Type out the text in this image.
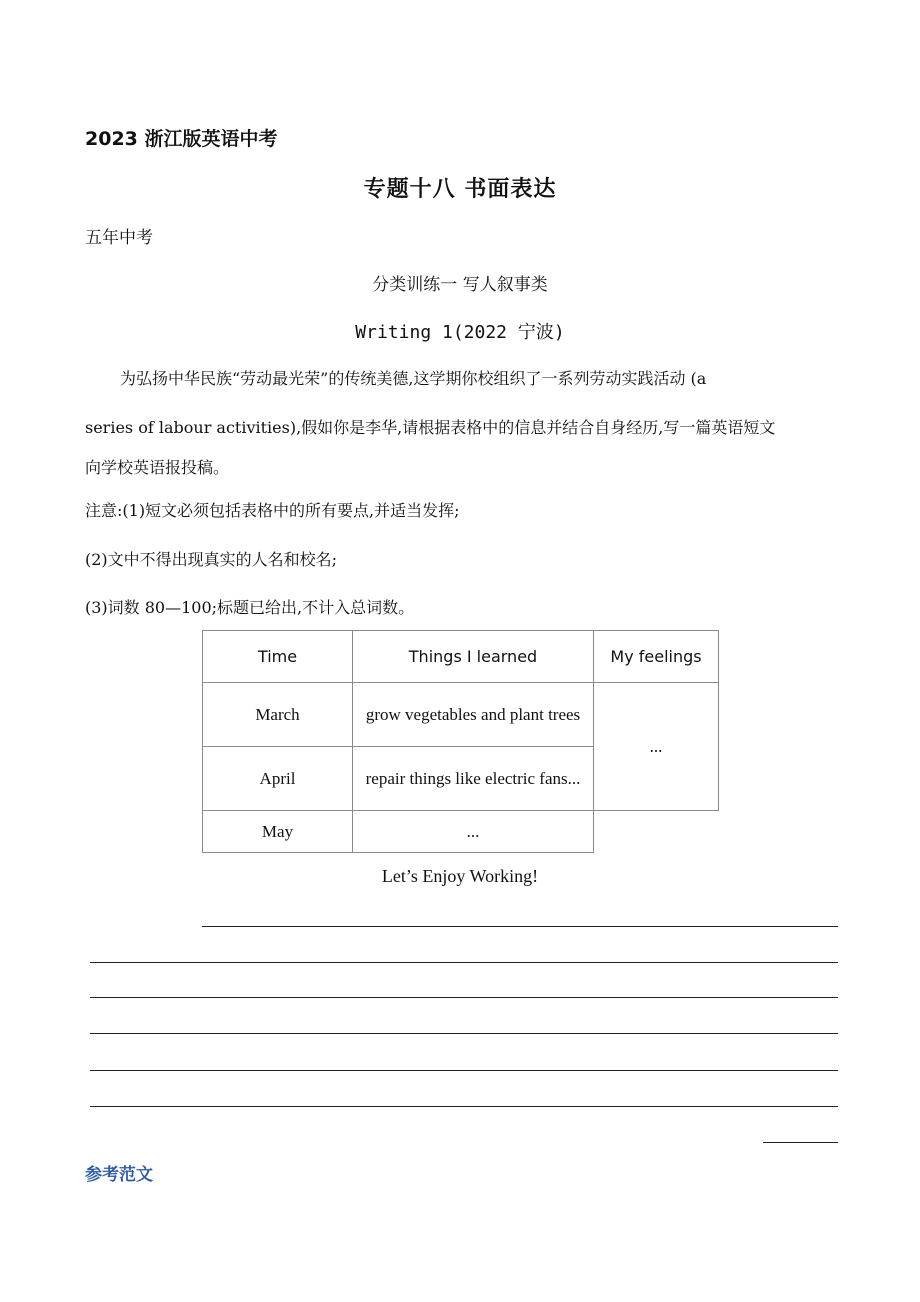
2023 浙江版英语中考
专题十八 书面表达
五年中考
分类训练一 写人叙事类
Writing 1(2022 宁波)
为弘扬中华民族“劳动最光荣”的传统美德,这学期你校组织了一系列劳动实践活动 (a
series of labour activities),假如你是李华,请根据表格中的信息并结合自身经历,写一篇英语短文
向学校英语报投稿。
注意:(1)短文必须包括表格中的所有要点,并适当发挥;
(2)文中不得出现真实的人名和校名;
(3)词数 80—100;标题已给出,不计入总词数。
Time	Things I learned	My feelings
March	grow vegetables and plant trees	...
April	repair things like electric fans...	
May	...	
Let’s Enjoy Working!
参考范文
